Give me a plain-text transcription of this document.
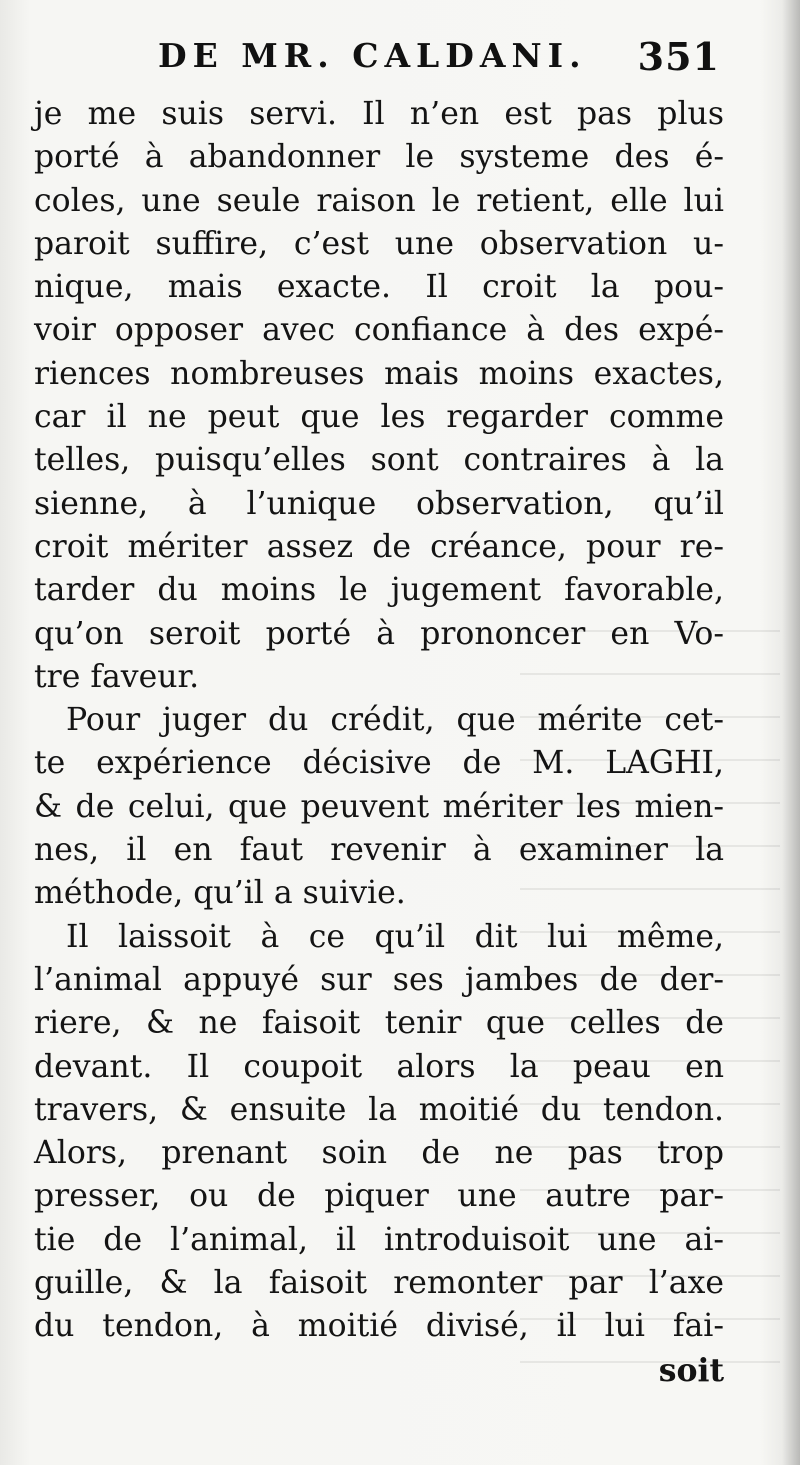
DE MR. CALDANI. 351
je me suis servi. Il n’en est pas plus
porté à abandonner le systeme des é-
coles, une seule raison le retient, elle lui
paroit suffire, c’est une observation u-
nique, mais exacte. Il croit la pou-
voir opposer avec confiance à des expé-
riences nombreuses mais moins exactes,
car il ne peut que les regarder comme
telles, puisqu’elles sont contraires à la
sienne, à l’unique observation, qu’il
croit mériter assez de créance, pour re-
tarder du moins le jugement favorable,
qu’on seroit porté à prononcer en Vo-
tre faveur.
Pour juger du crédit, que mérite cet-
te expérience décisive de M. LAGHI,
& de celui, que peuvent mériter les mien-
nes, il en faut revenir à examiner la
méthode, qu’il a suivie.
Il laissoit à ce qu’il dit lui même,
l’animal appuyé sur ses jambes de der-
riere, & ne faisoit tenir que celles de
devant. Il coupoit alors la peau en
travers, & ensuite la moitié du tendon.
Alors, prenant soin de ne pas trop
presser, ou de piquer une autre par-
tie de l’animal, il introduisoit une ai-
guille, & la faisoit remonter par l’axe
du tendon, à moitié divisé, il lui fai-
soit
